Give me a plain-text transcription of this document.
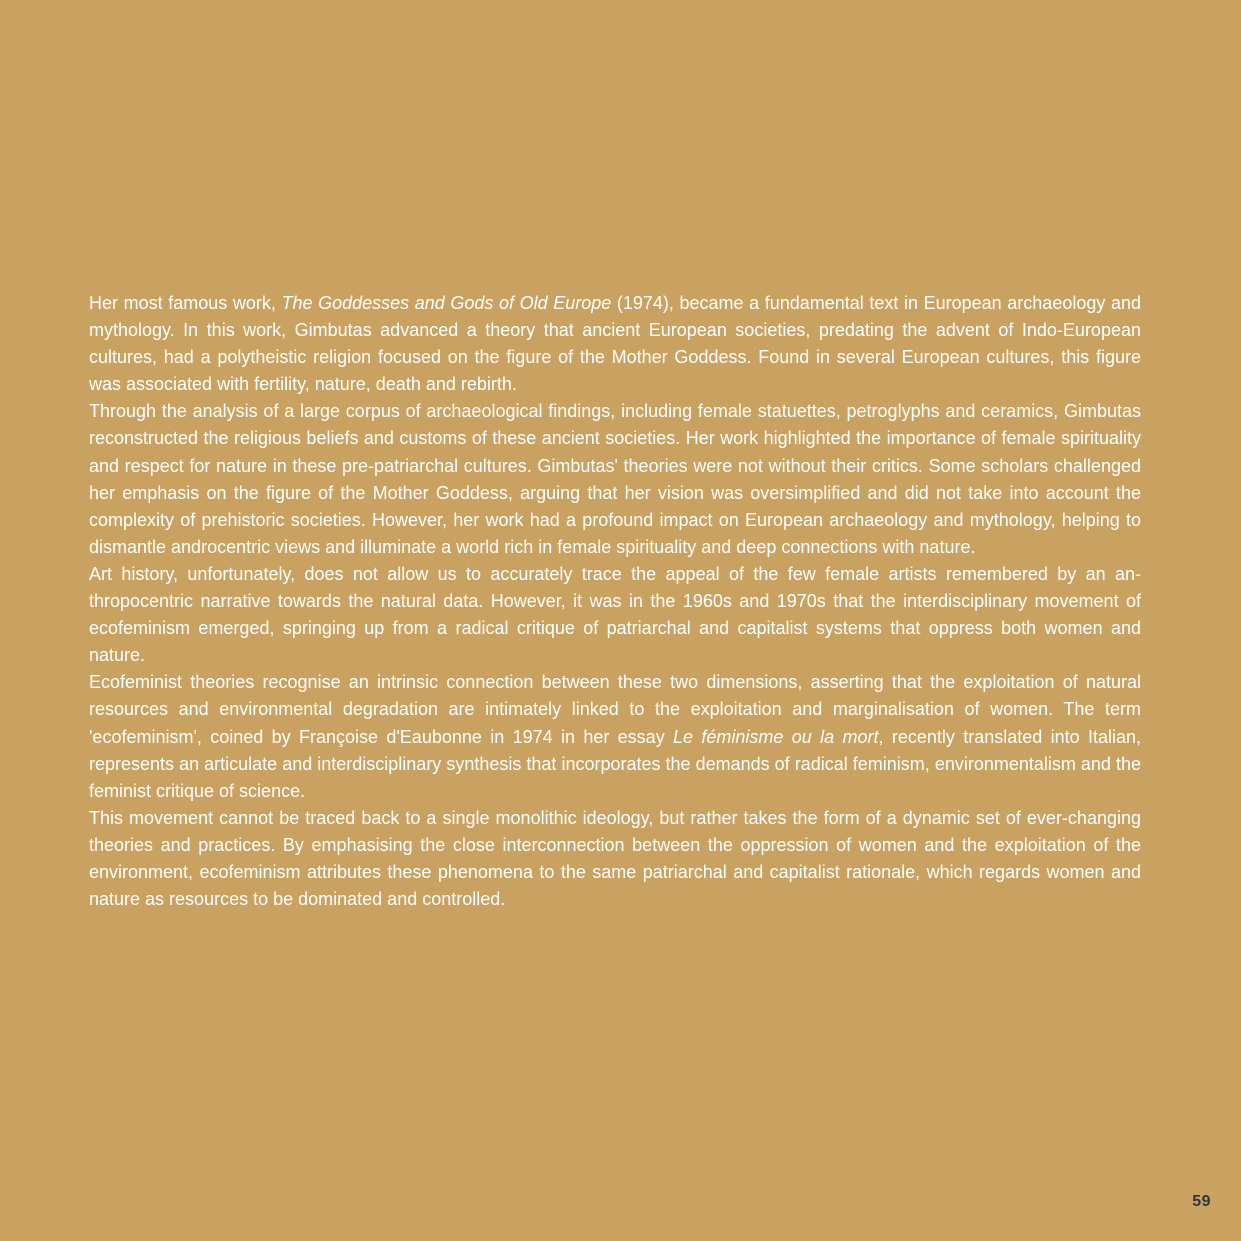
Her most famous work, The Goddesses and Gods of Old Europe (1974), became a fundamental text in European archaeology and mythology. In this work, Gimbutas advanced a theory that ancient European societies, predating the advent of Indo-European cultures, had a polytheistic religion focused on the figure of the Mother Goddess. Found in several European cultures, this figure was associated with fertility, nature, death and rebirth.

Through the analysis of a large corpus of archaeological findings, including female statuettes, petroglyphs and ceramics, Gimbutas reconstructed the religious beliefs and customs of these ancient societies. Her work highlighted the importance of female spirituality and respect for nature in these pre-patriarchal cultures. Gimbutas' theories were not without their critics. Some scholars challenged her emphasis on the figure of the Mother Goddess, arguing that her vision was oversimplified and did not take into account the complexity of prehistoric societies. However, her work had a profound impact on European archaeology and mythology, helping to dismantle androcentric views and illuminate a world rich in female spirituality and deep connections with nature.

Art history, unfortunately, does not allow us to accurately trace the appeal of the few female artists remembered by an anthropocentric narrative towards the natural data. However, it was in the 1960s and 1970s that the interdisciplinary movement of ecofeminism emerged, springing up from a radical critique of patriarchal and capitalist systems that oppress both women and nature.

Ecofeminist theories recognise an intrinsic connection between these two dimensions, asserting that the exploitation of natural resources and environmental degradation are intimately linked to the exploitation and marginalisation of women. The term 'ecofeminism', coined by Françoise d'Eaubonne in 1974 in her essay Le féminisme ou la mort, recently translated into Italian, represents an articulate and interdisciplinary synthesis that incorporates the demands of radical feminism, environmentalism and the feminist critique of science.

This movement cannot be traced back to a single monolithic ideology, but rather takes the form of a dynamic set of ever-changing theories and practices. By emphasising the close interconnection between the oppression of women and the exploitation of the environment, ecofeminism attributes these phenomena to the same patriarchal and capitalist rationale, which regards women and nature as resources to be dominated and controlled.

59
